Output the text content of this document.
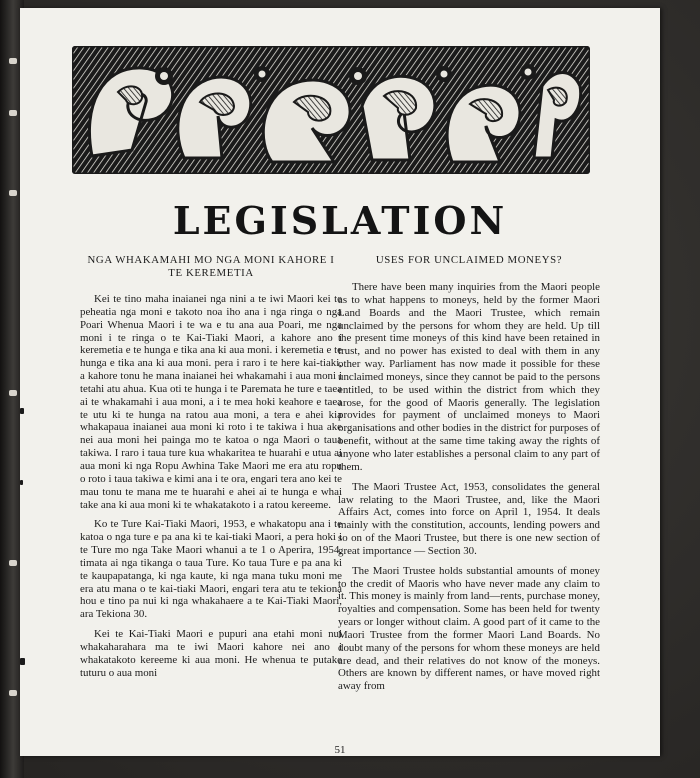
LEGISLATION
NGA WHAKAMAHI MO NGA MONI KAHORE I TE KEREMETIA

Kei te tino maha inaianei nga nini a te iwi Maori kei te peheatia nga moni e takoto noa iho ana i nga ringa o nga Poari Whenua Maori i te wa e tu ana aua Poari, me nga moni i te ringa o te Kai-Tiaki Maori, a kahore ano i keremetia e te hunga e tika ana ki aua moni. i keremetia e te hunga e tika ana ki aua moni. pera i raro i te here kai-tiaki, a kahore tonu he mana inaianei hei whakamahi i aua moni i tetahi atu ahua. Kua oti te hunga i te Paremata he ture e taea ai te whakamahi i aua moni, a i te mea hoki keahore e taea te utu ki te hunga na ratou aua moni, a tera e ahei kia whakapaua inaianei aua moni ki roto i te takiwa i hua ake nei aua moni hei painga mo te katoa o nga Maori o taua takiwa. I raro i taua ture kua whakaritea te huarahi e utua ai aua moni ki nga Ropu Awhina Take Maori me era atu ropu o roto i taua takiwa e kimi ana i te ora, engari tera ano kei te mau tonu te mana me te huarahi e ahei ai te hunga e whai take ana ki aua moni ki te whakatakoto i a ratou kereeme.

Ko te Ture Kai-Tiaki Maori, 1953, e whakatopu ana i te katoa o nga ture e pa ana ki te kai-tiaki Maori, a pera hoki i te Ture mo nga Take Maori whanui a te 1 o Aperira, 1954, timata ai nga tikanga o taua Ture. Ko taua Ture e pa ana ki te kaupapatanga, ki nga kaute, ki nga mana tuku moni me era atu mana o te kai-tiaki Maori, engari tera atu te tekiona hou e tino pa nui ki nga whakahaere a te Kai-Tiaki Maori, ara Tekiona 30.

Kei te Kai-Tiaki Maori e pupuri ana etahi moni nui whakaharahara ma te iwi Maori kahore nei ano i whakatakoto kereeme ki aua moni. He whenua te putake tuturu o aua moni

USES FOR UNCLAIMED MONEYS?

There have been many inquiries from the Maori people as to what happens to moneys, held by the former Maori Land Boards and the Maori Trustee, which remain unclaimed by the persons for whom they are held. Up till the present time moneys of this kind have been retained in trust, and no power has existed to deal with them in any other way. Parliament has now made it possible for these unclaimed moneys, since they cannot be paid to the persons entitled, to be used within the district from which they arose, for the good of Maoris generally. The legislation provides for payment of unclaimed moneys to Maori organisations and other bodies in the district for purposes of benefit, without at the same time taking away the rights of anyone who later establishes a personal claim to any part of them.

The Maori Trustee Act, 1953, consolidates the general law relating to the Maori Trustee, and, like the Maori Affairs Act, comes into force on April 1, 1954. It deals mainly with the constitution, accounts, lending powers and so on of the Maori Trustee, but there is one new section of great importance — Section 30.

The Maori Trustee holds substantial amounts of money to the credit of Maoris who have never made any claim to it. This money is mainly from land—rents, purchase money, royalties and compensation. Some has been held for twenty years or longer without claim. A good part of it came to the Maori Trustee from the former Maori Land Boards. No doubt many of the persons for whom these moneys are held are dead, and their relatives do not know of the moneys. Others are known by different names, or have moved right away from

51
